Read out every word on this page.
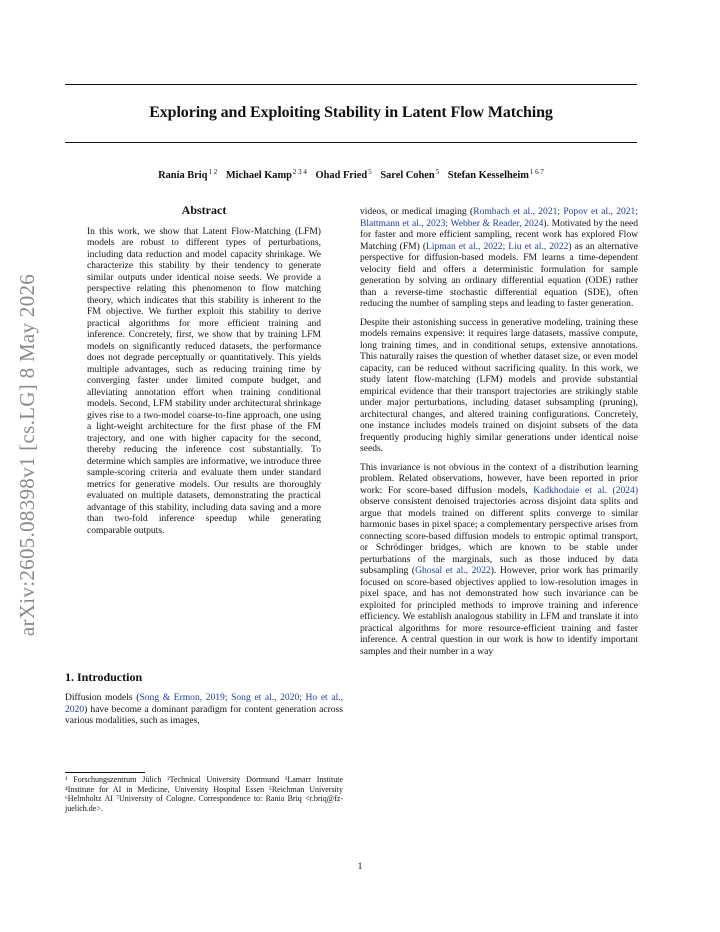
arXiv:2605.08398v1 [cs.LG] 8 May 2026
Exploring and Exploiting Stability in Latent Flow Matching
Rania Briq$^{1 2}$ Michael Kamp$^{2 3 4}$ Ohad Fried$^5$ Sarel Cohen$^5$ Stefan Kesselheim$^{1 6 7}$
Abstract
In this work, we show that Latent Flow-Matching (LFM) models are robust to different types of perturbations, including data reduction and model capacity shrinkage. We characterize this stability by their tendency to generate similar outputs under identical noise seeds. We provide a perspective relating this phenomenon to flow matching theory, which indicates that this stability is inherent to the FM objective. We further exploit this stability to derive practical algorithms for more efficient training and inference. Concretely, first, we show that by training LFM models on significantly reduced datasets, the performance does not degrade perceptually or quantitatively. This yields multiple advantages, such as reducing training time by converging faster under limited compute budget, and alleviating annotation effort when training conditional models. Second, LFM stability under architectural shrinkage gives rise to a two-model coarse-to-fine approach, one using a light-weight architecture for the first phase of the FM trajectory, and one with higher capacity for the second, thereby reducing the inference cost substantially. To determine which samples are informative, we introduce three sample-scoring criteria and evaluate them under standard metrics for generative models. Our results are thoroughly evaluated on multiple datasets, demonstrating the practical advantage of this stability, including data saving and a more than two-fold inference speedup while generating comparable outputs.
1. Introduction
Diffusion models (Song & Ermon, 2019; Song et al., 2020; Ho et al., 2020) have become a dominant paradigm for content generation across various modalities, such as images,
¹ Forschungszentrum Jülich ²Technical University Dortmund ³Lamarr Institute ⁴Institute for AI in Medicine, University Hospital Essen ⁵Reichman University ⁶Helmholtz AI ⁷University of Cologne. Correspondence to: Rania Briq <r.briq@fz-juelich.de>.

videos, or medical imaging (Rombach et al., 2021; Popov et al., 2021; Blattmann et al., 2023; Webber & Reader, 2024). Motivated by the need for faster and more efficient sampling, recent work has explored Flow Matching (FM) (Lipman et al., 2022; Liu et al., 2022) as an alternative perspective for diffusion-based models. FM learns a time-dependent velocity field and offers a deterministic formulation for sample generation by solving an ordinary differential equation (ODE) rather than a reverse-time stochastic differential equation (SDE), often reducing the number of sampling steps and leading to faster generation.

Despite their astonishing success in generative modeling, training these models remains expensive: it requires large datasets, massive compute, long training times, and in conditional setups, extensive annotations. This naturally raises the question of whether dataset size, or even model capacity, can be reduced without sacrificing quality. In this work, we study latent flow-matching (LFM) models and provide substantial empirical evidence that their transport trajectories are strikingly stable under major perturbations, including dataset subsampling (pruning), architectural changes, and altered training configurations. Concretely, one instance includes models trained on disjoint subsets of the data frequently producing highly similar generations under identical noise seeds.

This invariance is not obvious in the context of a distribution learning problem. Related observations, however, have been reported in prior work: For score-based diffusion models, Kadkhodaie et al. (2024) observe consistent denoised trajectories across disjoint data splits and argue that models trained on different splits converge to similar harmonic bases in pixel space; a complementary perspective arises from connecting score-based diffusion models to entropic optimal transport, or Schrödinger bridges, which are known to be stable under perturbations of the marginals, such as those induced by data subsampling (Ghosal et al., 2022). However, prior work has primarily focused on score-based objectives applied to low-resolution images in pixel space, and has not demonstrated how such invariance can be exploited for principled methods to improve training and inference efficiency. We establish analogous stability in LFM and translate it into practical algorithms for more resource-efficient training and faster inference. A central question in our work is how to identify important samples and their number in a way

1
